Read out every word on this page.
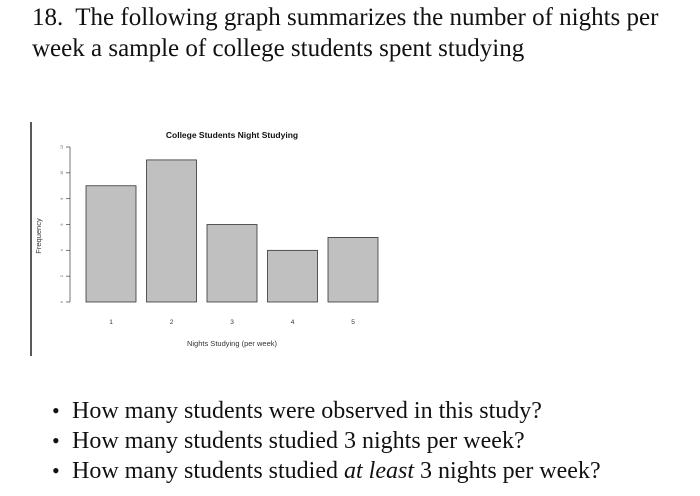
18. The following graph summarizes the number of nights per week a sample of college students spent studying
College Students Night Studying
Frequency
Nights Studying (per week)
0
2
4
6
8
10
12
1	2	3	4	5
• How many students were observed in this study?
• How many students studied 3 nights per week?
• How many students studied at least 3 nights per week?
